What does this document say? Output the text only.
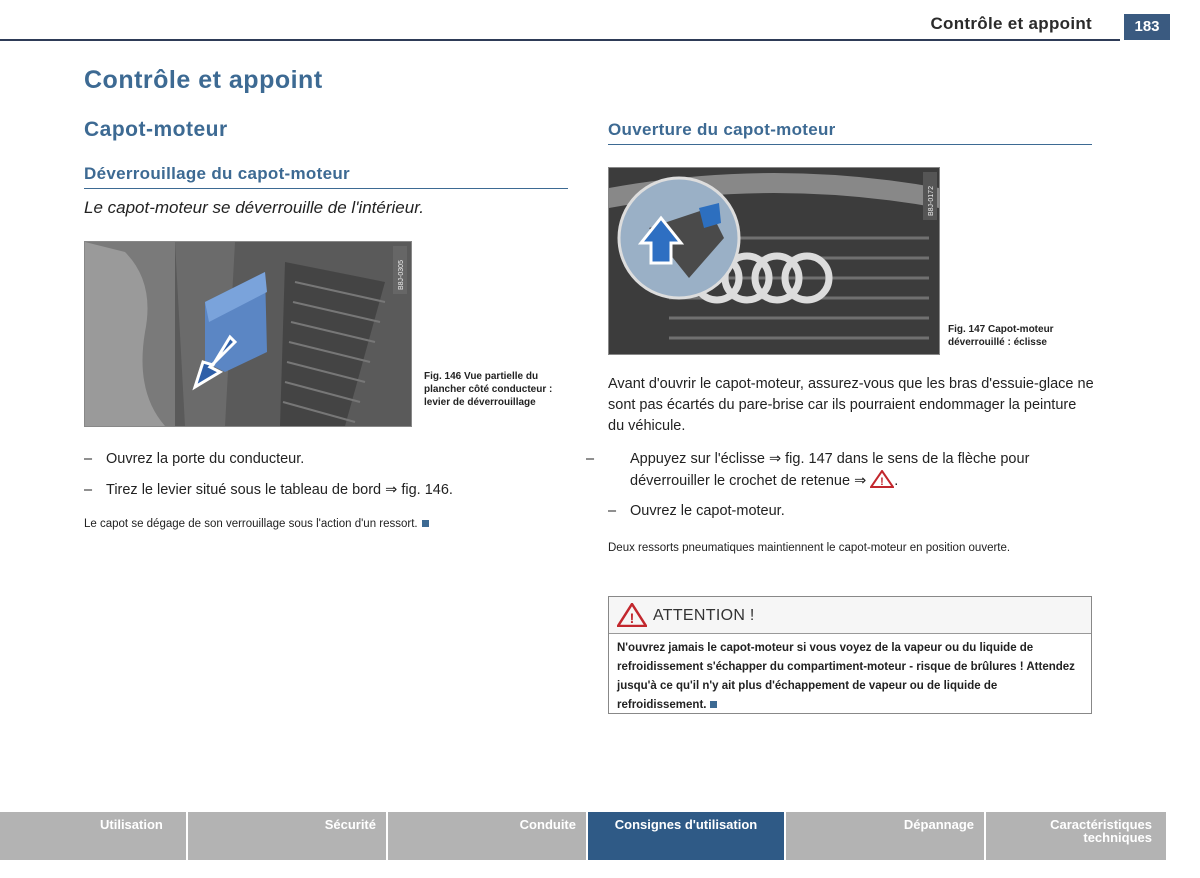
Contrôle et appoint	183
Contrôle et appoint
Capot-moteur
Déverrouillage du capot-moteur
Le capot-moteur se déverrouille de l'intérieur.
B8J-0305
Fig. 146 Vue partielle du plancher côté conducteur : levier de déverrouillage
– Ouvrez la porte du conducteur.
– Tirez le levier situé sous le tableau de bord ⇒ fig. 146.
Le capot se dégage de son verrouillage sous l'action d'un ressort.
Ouverture du capot-moteur
B8J-0172
Fig. 147 Capot-moteur déverrouillé : éclisse
Avant d'ouvrir le capot-moteur, assurez-vous que les bras d'essuie-glace ne sont pas écartés du pare-brise car ils pourraient endommager la peinture du véhicule.
– Appuyez sur l'éclisse ⇒ fig. 147 dans le sens de la flèche pour déverrouiller le crochet de retenue ⇒ ! .
– Ouvrez le capot-moteur.
Deux ressorts pneumatiques maintiennent le capot-moteur en position ouverte.
! ATTENTION !
N'ouvrez jamais le capot-moteur si vous voyez de la vapeur ou du liquide de refroidissement s'échapper du compartiment-moteur - risque de brûlures ! Attendez jusqu'à ce qu'il n'y ait plus d'échappement de vapeur ou de liquide de refroidissement.
Utilisation	Sécurité	Conduite	Consignes d'utilisation	Dépannage	Caractéristiques techniques
